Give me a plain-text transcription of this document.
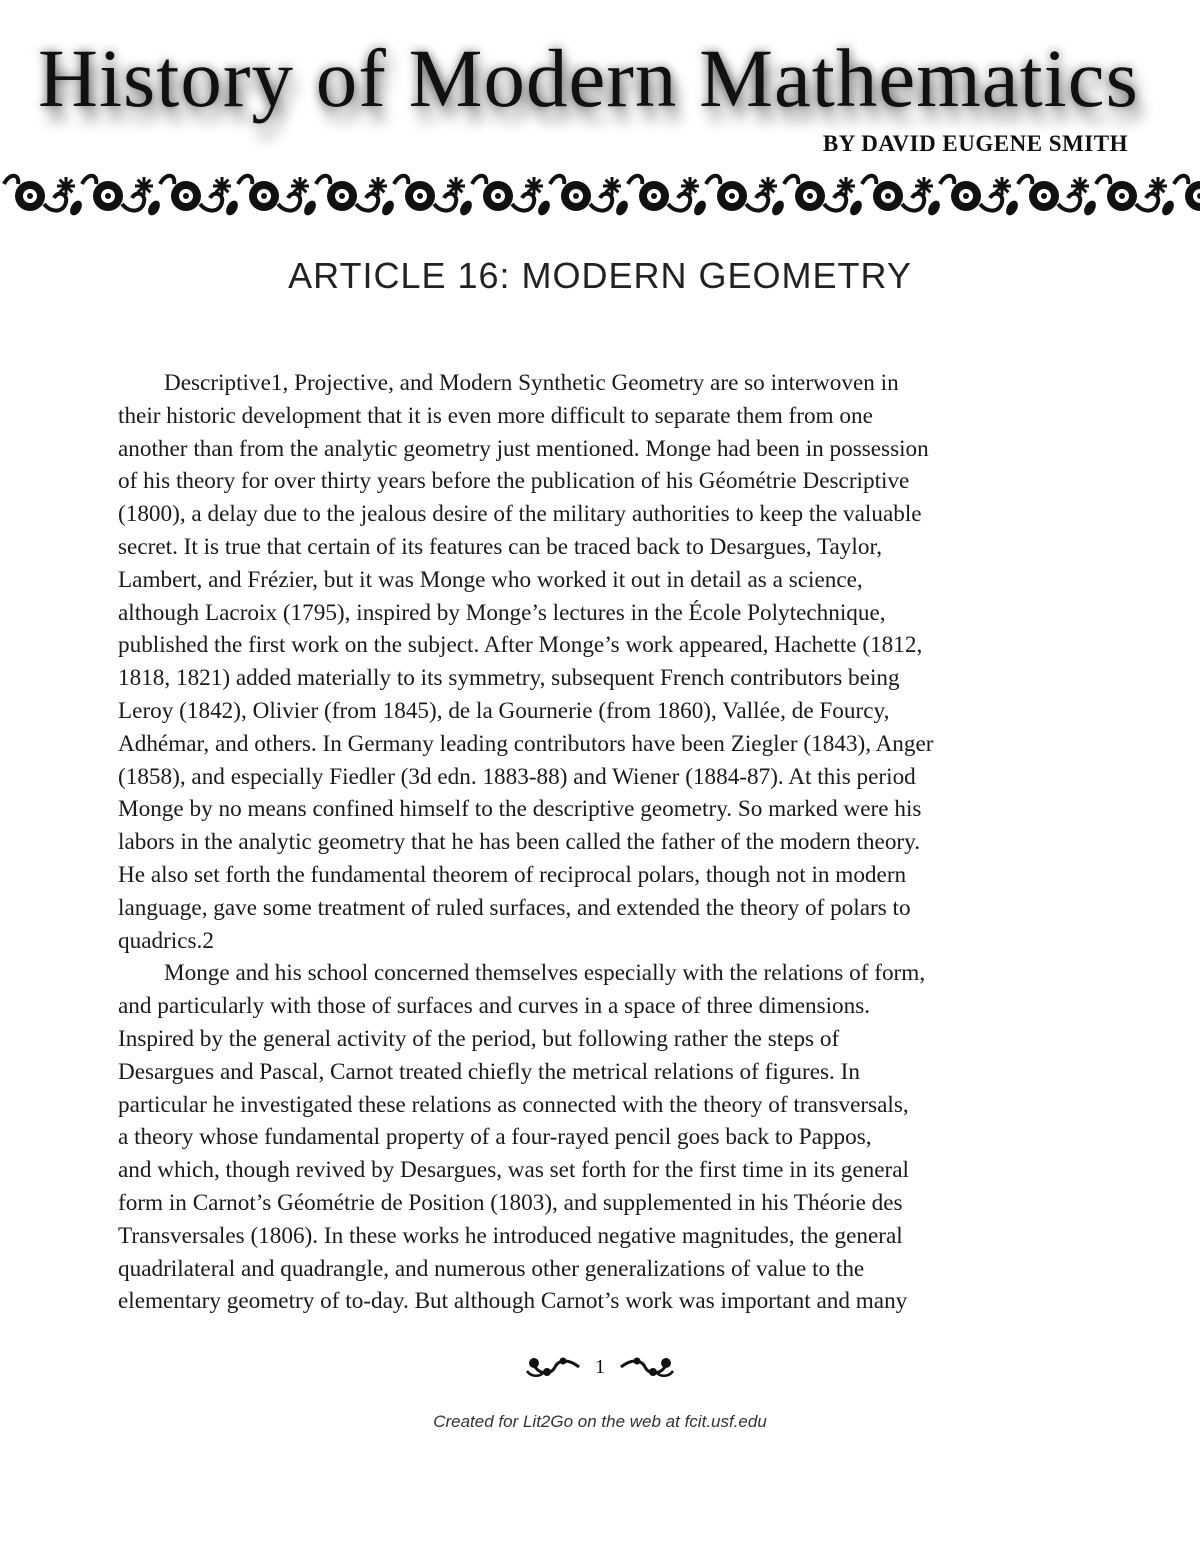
History of Modern Mathematics
BY DAVID EUGENE SMITH
ARTICLE 16: MODERN GEOMETRY
Descriptive1, Projective, and Modern Synthetic Geometry are so interwoven in
their historic development that it is even more difficult to separate them from one
another than from the analytic geometry just mentioned. Monge had been in possession
of his theory for over thirty years before the publication of his Géométrie Descriptive
(1800), a delay due to the jealous desire of the military authorities to keep the valuable
secret. It is true that certain of its features can be traced back to Desargues, Taylor,
Lambert, and Frézier, but it was Monge who worked it out in detail as a science,
although Lacroix (1795), inspired by Monge’s lectures in the École Polytechnique,
published the first work on the subject. After Monge’s work appeared, Hachette (1812,
1818, 1821) added materially to its symmetry, subsequent French contributors being
Leroy (1842), Olivier (from 1845), de la Gournerie (from 1860), Vallée, de Fourcy,
Adhémar, and others. In Germany leading contributors have been Ziegler (1843), Anger
(1858), and especially Fiedler (3d edn. 1883-88) and Wiener (1884-87). At this period
Monge by no means confined himself to the descriptive geometry. So marked were his
labors in the analytic geometry that he has been called the father of the modern theory.
He also set forth the fundamental theorem of reciprocal polars, though not in modern
language, gave some treatment of ruled surfaces, and extended the theory of polars to
quadrics.2
Monge and his school concerned themselves especially with the relations of form,
and particularly with those of surfaces and curves in a space of three dimensions.
Inspired by the general activity of the period, but following rather the steps of
Desargues and Pascal, Carnot treated chiefly the metrical relations of figures. In
particular he investigated these relations as connected with the theory of transversals,
a theory whose fundamental property of a four-rayed pencil goes back to Pappos,
and which, though revived by Desargues, was set forth for the first time in its general
form in Carnot’s Géométrie de Position (1803), and supplemented in his Théorie des
Transversales (1806). In these works he introduced negative magnitudes, the general
quadrilateral and quadrangle, and numerous other generalizations of value to the
elementary geometry of to-day. But although Carnot’s work was important and many
1
Created for Lit2Go on the web at fcit.usf.edu
